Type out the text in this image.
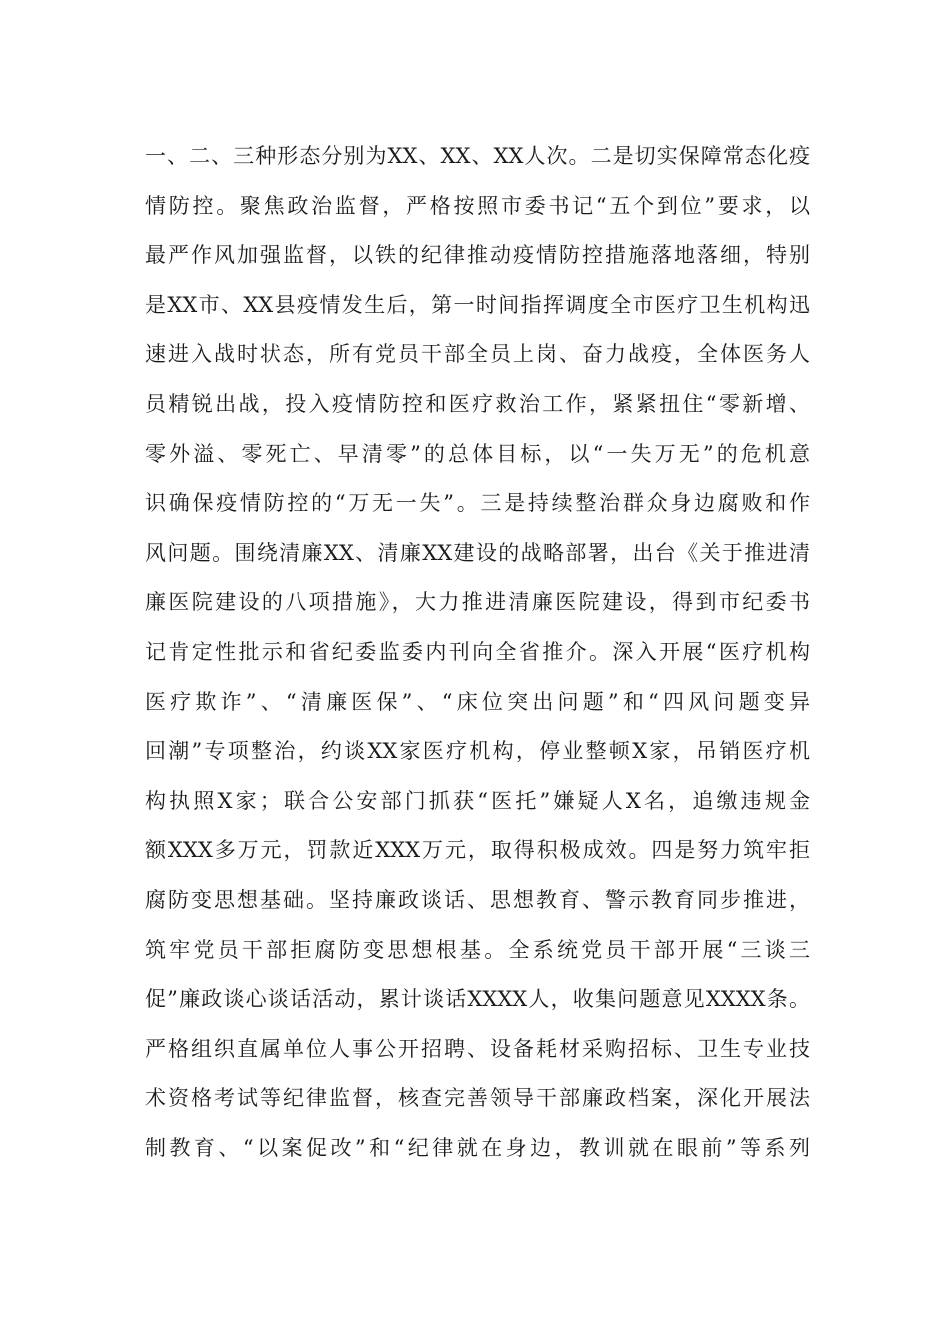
一、二、三种形态分别为XX、XX、XX人次。二是切实保障常态化疫
情防控。聚焦政治监督，严格按照市委书记“五个到位”要求，以
最严作风加强监督，以铁的纪律推动疫情防控措施落地落细，特别
是XX市、XX县疫情发生后，第一时间指挥调度全市医疗卫生机构迅
速进入战时状态，所有党员干部全员上岗、奋力战疫，全体医务人
员精锐出战，投入疫情防控和医疗救治工作，紧紧扭住“零新增、
零外溢、零死亡、早清零”的总体目标，以“一失万无”的危机意
识确保疫情防控的“万无一失”。三是持续整治群众身边腐败和作
风问题。围绕清廉XX、清廉XX建设的战略部署，出台《关于推进清
廉医院建设的八项措施》，大力推进清廉医院建设，得到市纪委书
记肯定性批示和省纪委监委内刊向全省推介。深入开展“医疗机构
医疗欺诈”、“清廉医保”、“床位突出问题”和“四风问题变异
回潮”专项整治，约谈XX家医疗机构，停业整顿X家，吊销医疗机
构执照X家；联合公安部门抓获“医托”嫌疑人X名，追缴违规金
额XXX多万元，罚款近XXX万元，取得积极成效。四是努力筑牢拒
腐防变思想基础。坚持廉政谈话、思想教育、警示教育同步推进，
筑牢党员干部拒腐防变思想根基。全系统党员干部开展“三谈三
促”廉政谈心谈话活动，累计谈话XXXX人，收集问题意见XXXX条。
严格组织直属单位人事公开招聘、设备耗材采购招标、卫生专业技
术资格考试等纪律监督，核查完善领导干部廉政档案，深化开展法
制教育、“以案促改”和“纪律就在身边，教训就在眼前”等系列
